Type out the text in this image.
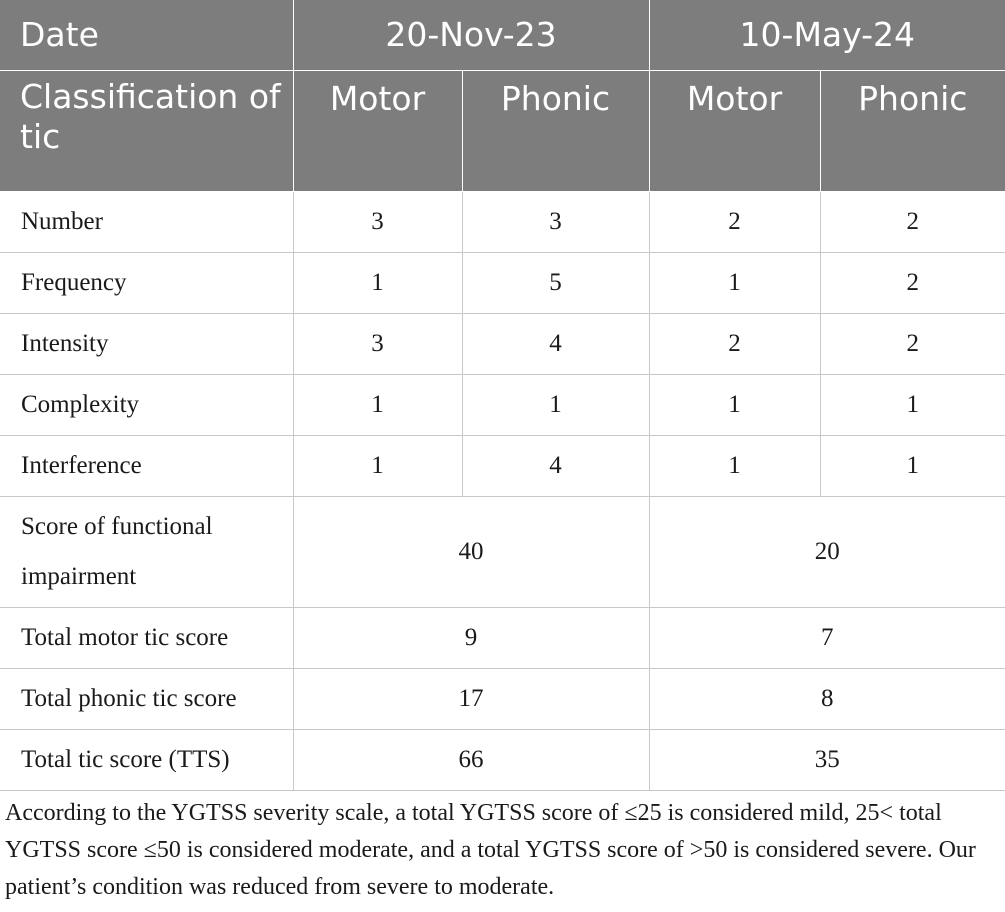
Date	20-Nov-23		10-May-24	
Classification of tic	Motor	Phonic	Motor	Phonic
Number	3	3	2	2
Frequency	1	5	1	2
Intensity	3	4	2	2
Complexity	1	1	1	1
Interference	1	4	1	1
Score of functional impairment	40		20	
Total motor tic score	9		7	
Total phonic tic score	17		8	
Total tic score (TTS)	66		35	

According to the YGTSS severity scale, a total YGTSS score of ≤25 is considered mild, 25< total YGTSS score ≤50 is considered moderate, and a total YGTSS score of >50 is considered severe. Our patient’s condition was reduced from severe to moderate.
